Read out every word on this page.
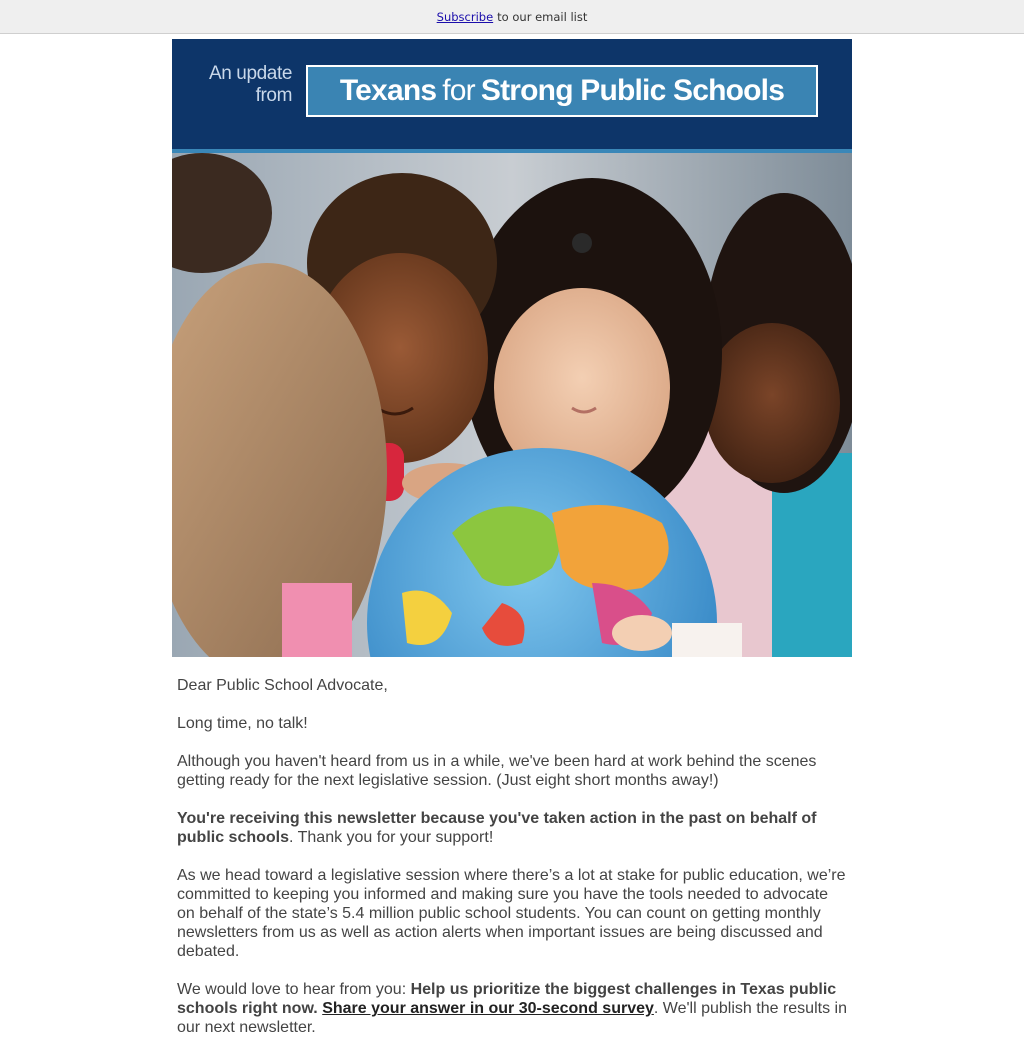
Subscribe to our email list
An update
from Texans for Strong Public Schools

Dear Public School Advocate,

Long time, no talk!

Although you haven't heard from us in a while, we've been hard at work behind the scenes getting ready for the next legislative session. (Just eight short months away!)

You're receiving this newsletter because you've taken action in the past on behalf of public schools. Thank you for your support!

As we head toward a legislative session where there’s a lot at stake for public education, we’re committed to keeping you informed and making sure you have the tools needed to advocate on behalf of the state’s 5.4 million public school students. You can count on getting monthly newsletters from us as well as action alerts when important issues are being discussed and debated.

We would love to hear from you: Help us prioritize the biggest challenges in Texas public schools right now. Share your answer in our 30-second survey. We'll publish the results in our next newsletter.
